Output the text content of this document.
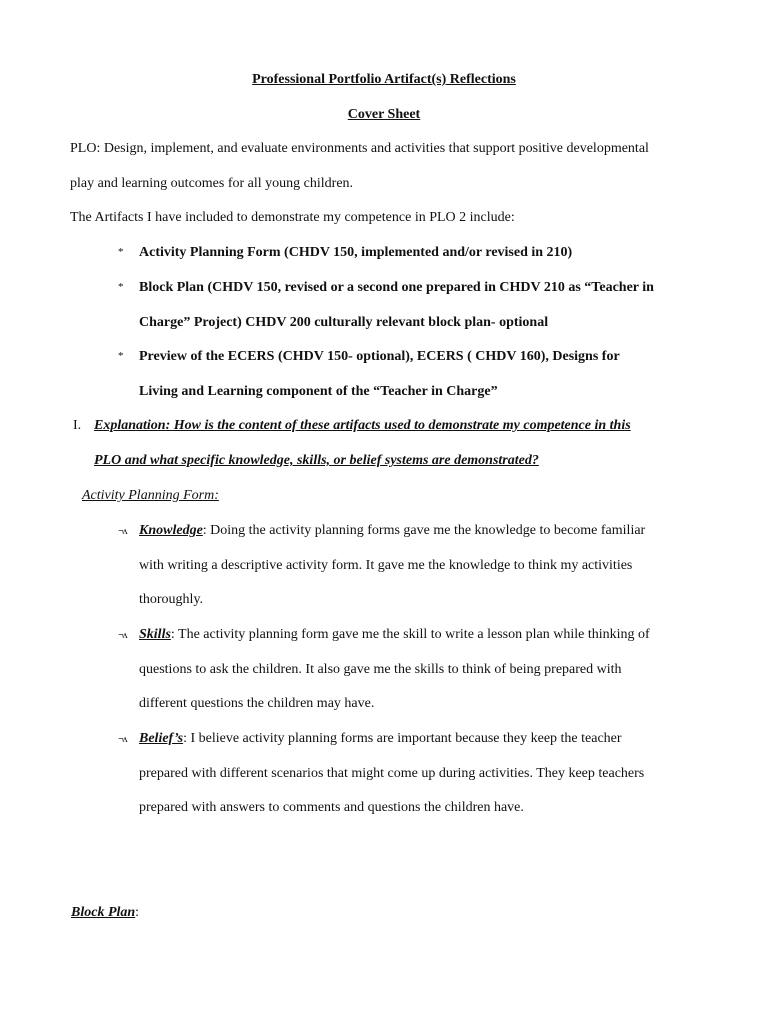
Professional Portfolio Artifact(s) Reflections
Cover Sheet
PLO: Design, implement, and evaluate environments and activities that support positive developmental
play and learning outcomes for all young children.
The Artifacts I have included to demonstrate my competence in PLO 2 include:
* Activity Planning Form (CHDV 150, implemented and/or revised in 210)
* Block Plan (CHDV 150, revised or a second one prepared in CHDV 210 as “Teacher in
Charge” Project) CHDV 200 culturally relevant block plan- optional
* Preview of the ECERS (CHDV 150- optional), ECERS ( CHDV 160), Designs for
Living and Learning component of the “Teacher in Charge”
I. Explanation: How is the content of these artifacts used to demonstrate my competence in this
PLO and what specific knowledge, skills, or belief systems are demonstrated?
Activity Planning Form:
¬ʌ Knowledge: Doing the activity planning forms gave me the knowledge to become familiar
with writing a descriptive activity form. It gave me the knowledge to think my activities
thoroughly.
¬ʌ Skills: The activity planning form gave me the skill to write a lesson plan while thinking of
questions to ask the children. It also gave me the skills to think of being prepared with
different questions the children may have.
¬ʌ Belief’s: I believe activity planning forms are important because they keep the teacher
prepared with different scenarios that might come up during activities. They keep teachers
prepared with answers to comments and questions the children have.
Block Plan:
